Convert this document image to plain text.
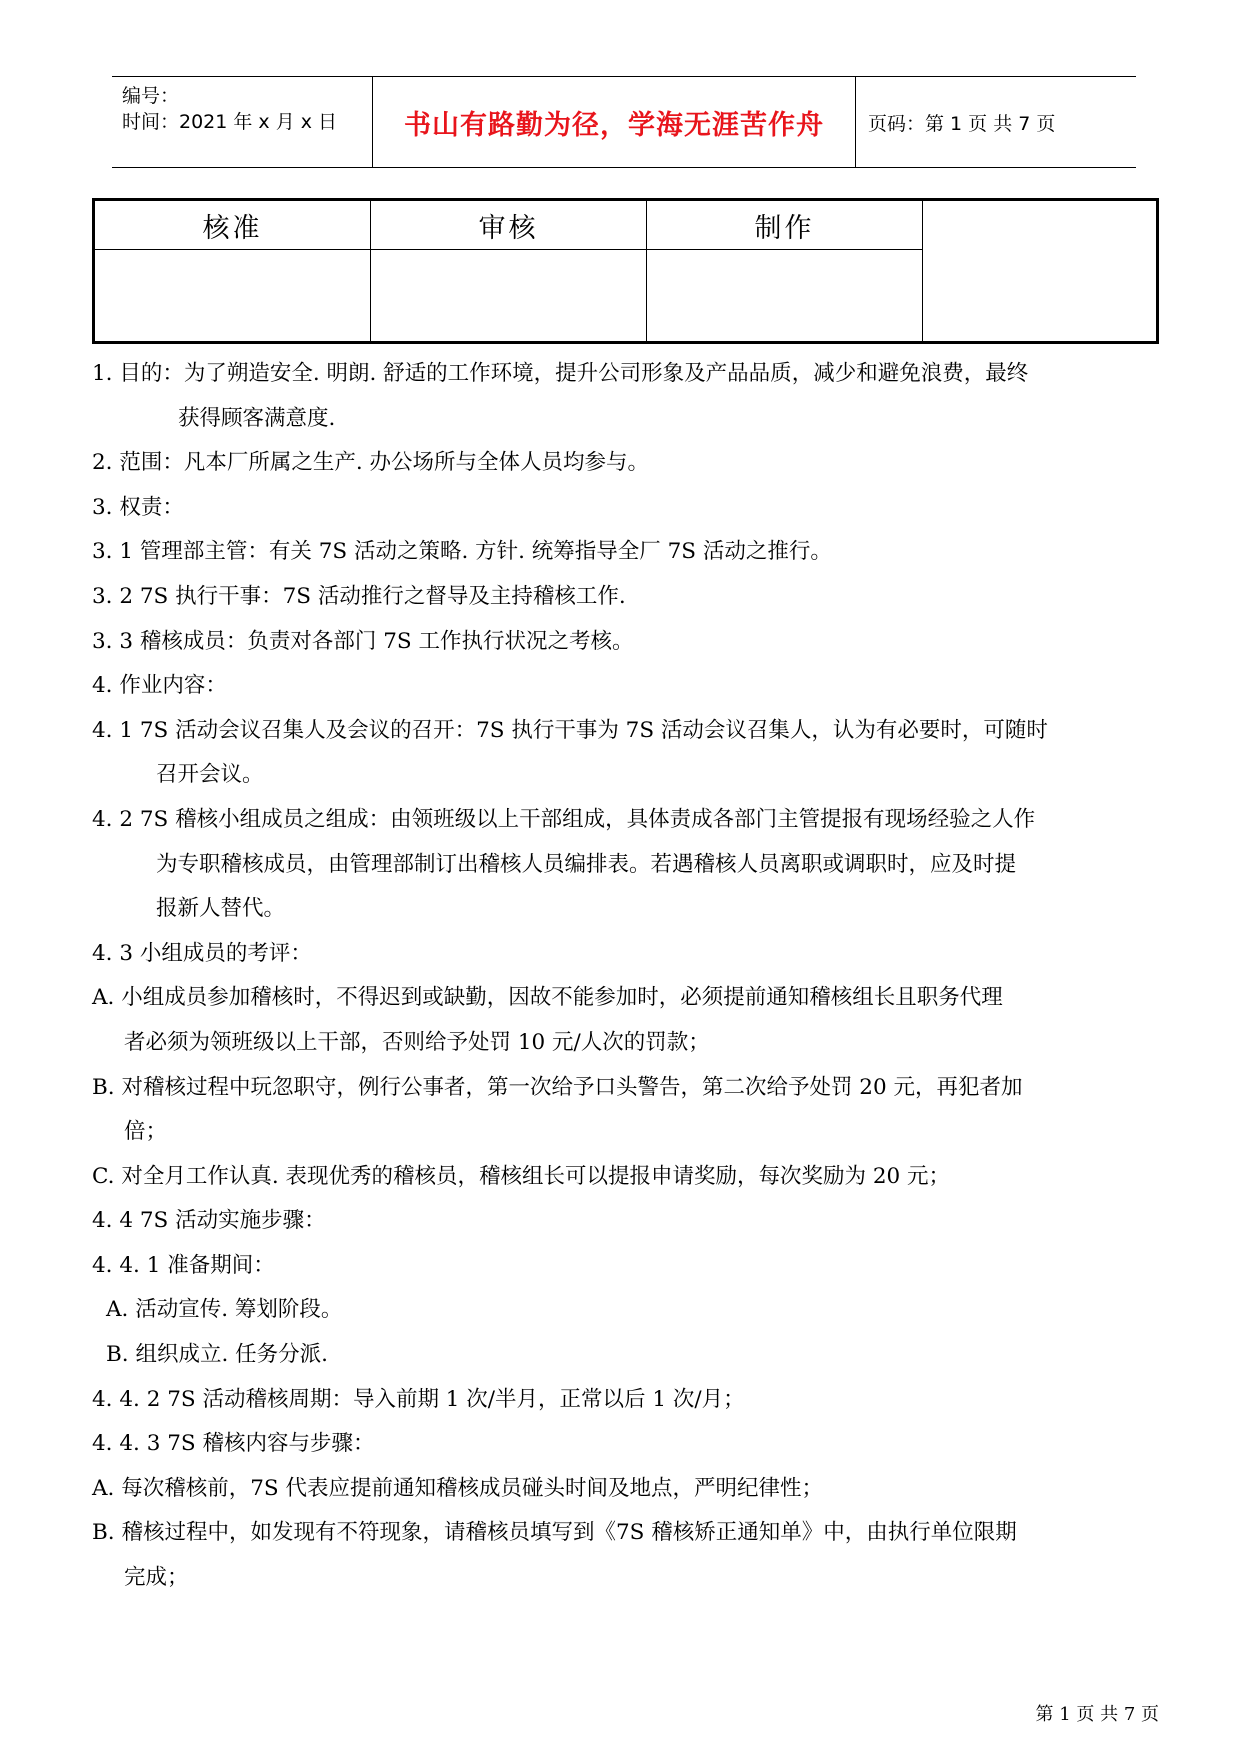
编号：
时间：2021 年 x 月 x 日 书山有路勤为径，学海无涯苦作舟 页码：第 1 页 共 7 页
核准	审核	制作
1. 目的：为了朔造安全. 明朗. 舒适的工作环境，提升公司形象及产品品质，减少和避免浪费，最终
获得顾客满意度.
2. 范围：凡本厂所属之生产. 办公场所与全体人员均参与。
3. 权责：
3. 1 管理部主管：有关 7S 活动之策略. 方针. 统筹指导全厂 7S 活动之推行。
3. 2 7S 执行干事：7S 活动推行之督导及主持稽核工作.
3. 3 稽核成员：负责对各部门 7S 工作执行状况之考核。
4. 作业内容：
4. 1 7S 活动会议召集人及会议的召开：7S 执行干事为 7S 活动会议召集人，认为有必要时，可随时
召开会议。
4. 2 7S 稽核小组成员之组成：由领班级以上干部组成，具体责成各部门主管提报有现场经验之人作
为专职稽核成员，由管理部制订出稽核人员编排表。若遇稽核人员离职或调职时，应及时提
报新人替代。
4. 3 小组成员的考评：
A. 小组成员参加稽核时，不得迟到或缺勤，因故不能参加时，必须提前通知稽核组长且职务代理
者必须为领班级以上干部，否则给予处罚 10 元/人次的罚款；
B. 对稽核过程中玩忽职守，例行公事者，第一次给予口头警告，第二次给予处罚 20 元，再犯者加
倍；
C. 对全月工作认真. 表现优秀的稽核员，稽核组长可以提报申请奖励，每次奖励为 20 元；
4. 4 7S 活动实施步骤：
4. 4. 1 准备期间：
A. 活动宣传. 筹划阶段。
B. 组织成立. 任务分派.
4. 4. 2 7S 活动稽核周期：导入前期 1 次/半月，正常以后 1 次/月；
4. 4. 3 7S 稽核内容与步骤：
A. 每次稽核前，7S 代表应提前通知稽核成员碰头时间及地点，严明纪律性；
B. 稽核过程中，如发现有不符现象，请稽核员填写到《7S 稽核矫正通知单》中，由执行单位限期
完成；
第 1 页 共 7 页
